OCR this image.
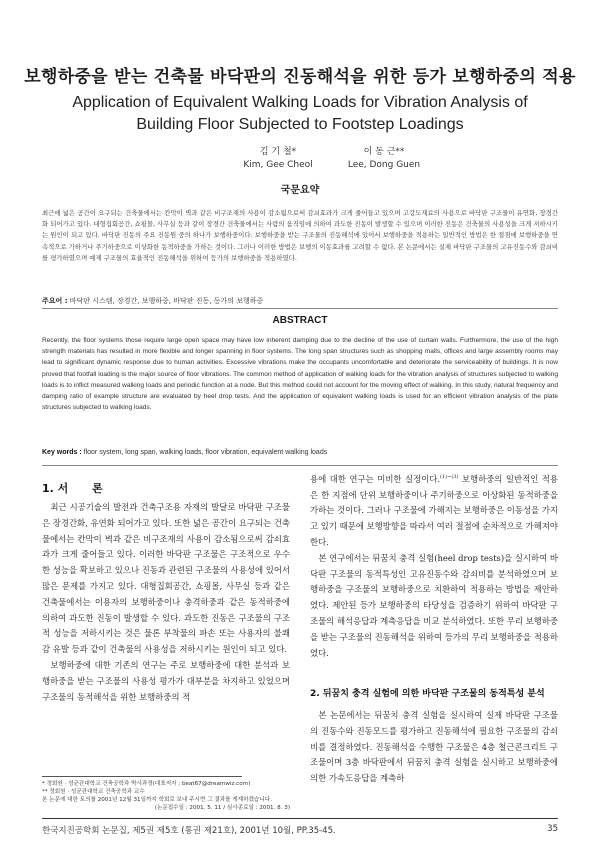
보행하중을 받는 건축물 바닥판의 진동해석을 위한 등가 보행하중의 적용
Application of Equivalent Walking Loads for Vibration Analysis of
Building Floor Subjected to Footstep Loadings
김 기 철*
Kim, Gee Cheol
이 동 근**
Lee, Dong Guen
국문요약
최근에 넓은 공간이 요구되는 건축물에서는 칸막이 벽과 같은 비구조재의 사용이 감소됨으로써 감쇠효과가 크게 줄어들고 있으며 고강도재료의 사용으로 바닥판 구조물이 유연화, 장경간화 되어가고 있다. 대형집회공간, 쇼핑몰, 사무실 등과 같이 장경간 건축물에서는 사람의 움직임에 의하여 과도한 진동이 발생할 수 있으며 이러한 진동은 건축물의 사용성을 크게 저하시키는 원인이 되고 있다. 바닥판 진동의 주요 진동원 중의 하나가 보행하중이다. 보행하중을 받는 구조물의 진동해석에 있어서 보행하중을 적용하는 일반적인 방법은 한 절점에 보행하중을 연속적으로 가하거나 주기하중으로 이상화한 동적하중을 가하는 것이다. 그러나 이러한 방법은 보행의 이동효과를 고려할 수 없다. 본 논문에서는 실제 바닥판 구조물의 고유진동수와 감쇠비를 평가하였으며 예제 구조물의 효율적인 진동해석을 위하여 등가의 보행하중을 적용하였다.
주요어 : 바닥판 시스템, 장경간, 보행하중, 바닥판 진동, 등가의 보행하중
ABSTRACT
Recently, the floor systems those require large open space may have low inherent damping due to the decline of the use of curtain walls. Furthermore, the use of the high strength materials has resulted in more flexible and longer spanning in floor systems. The long span structures such as shopping malls, offices and large assembly rooms may lead to significant dynamic response due to human activities. Excessive vibrations make the occupants uncomfortable and deteriorate the serviceability of buildings. It is now proved that footfall loading is the major source of floor vibrations. The common method of application of walking loads for the vibration analysis of structures subjected to walking loads is to inflict measured walking loads and periodic function at a node. But this method could not account for the moving effect of walking. In this study, natural frequency and damping ratio of example structure are evaluated by heel drop tests. And the application of equivalent walking loads is used for an efficient vibration analysis of the plate structures subjected to walking loads.
Key words : floor system, long span, walking loads, floor vibration, equivalent walking loads
1. 서 론

최근 시공기술의 발전과 건축구조용 자재의 발달로 바닥판 구조물은 장경간화, 유연화 되어가고 있다. 또한 넓은 공간이 요구되는 건축물에서는 칸막이 벽과 같은 비구조재의 사용이 감소됨으로써 감쇠효과가 크게 줄어들고 있다. 이러한 바닥판 구조물은 구조적으로 우수한 성능을 확보하고 있으나 진동과 관련된 구조물의 사용성에 있어서 많은 문제를 가지고 있다. 대형집회공간, 쇼핑몰, 사무실 등과 같은 건축물에서는 이용자의 보행하중이나 충격하중과 같은 동적하중에 의하여 과도한 진동이 발생할 수 있다. 과도한 진동은 구조물의 구조적 성능을 저하시키는 것은 물론 부착물의 파손 또는 사용자의 불쾌감 유발 등과 같이 건축물의 사용성을 저하시키는 원인이 되고 있다.

보행하중에 대한 기존의 연구는 주로 보행하중에 대한 분석과 보행하중을 받는 구조물의 사용성 평가가 대부분을 차지하고 있었으며 구조물의 동적해석을 위한 보행하중의 적

용에 대한 연구는 미비한 실정이다.$^{(1)\sim(3)}$ 보행하중의 일반적인 적용은 한 지점에 단위 보행하중이나 주기하중으로 이상화된 동적하중을 가하는 것이다. 그러나 구조물에 가해지는 보행하중은 이동성을 가지고 있기 때문에 보행방향을 따라서 여러 절점에 순차적으로 가해져야 한다.

본 연구에서는 뒤꿈치 충격 실험(heel drop tests)을 실시하여 바닥판 구조물의 동적특성인 고유진동수와 감쇠비를 분석하였으며 보행하중을 구조물의 보행하중으로 치환하여 적용하는 방법을 제안하였다. 제안된 등가 보행하중의 타당성을 검증하기 위하여 바닥판 구조물의 해석응답과 계측응답을 비교 분석하였다. 또한 무리 보행하중을 받는 구조물의 진동해석을 위하여 등가의 무리 보행하중을 적용하였다.

2. 뒤꿈치 충격 실험에 의한 바닥판 구조물의 동적특성 분석

본 논문에서는 뒤꿈치 충격 실험을 실시하여 실제 바닥판 구조물의 진동수와 진동모드를 평가하고 진동해석에 필요한 구조물의 감쇠비를 결정하였다. 진동해석을 수행한 구조물은 4층 철근콘크리트 구조물이며 3층 바닥판에서 뒤꿈치 충격 실험을 실시하고 보행하중에 의한 가속도응답을 계측하

* 정회원 · 성균관대학교 건축공학과 박사과정(대표저자 : beat67@dreamwiz.com)
** 정회원 · 성균관대학교 건축공학과 교수
본 논문에 대한 토의를 2001년 12월 31일까지 학회로 보내 주시면 그 결과를 게재하겠습니다.
(논문접수일 : 2001. 5. 11 / 심사종료일 : 2001. 8. 3)
한국지진공학회 논문집, 제5권 제5호 (통권 제21호), 2001년 10월, PP.35-45.	35
